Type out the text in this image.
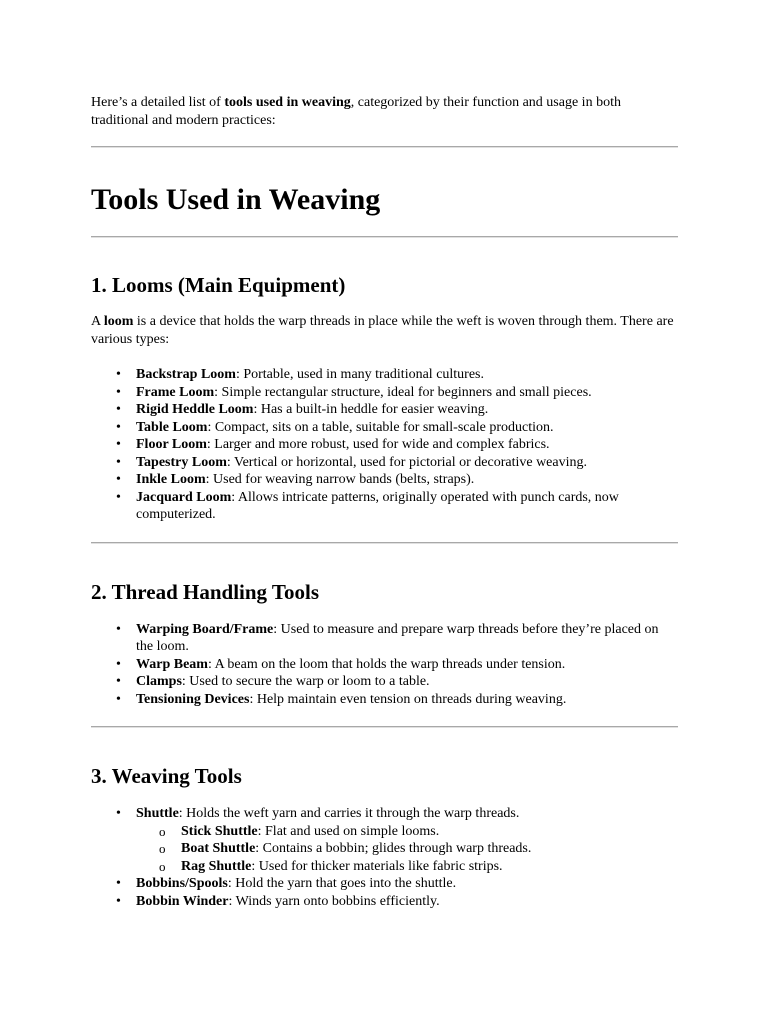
Here’s a detailed list of tools used in weaving, categorized by their function and usage in both traditional and modern practices:

Tools Used in Weaving
1. Looms (Main Equipment)

A loom is a device that holds the warp threads in place while the weft is woven through them. There are various types:

• Backstrap Loom: Portable, used in many traditional cultures.
• Frame Loom: Simple rectangular structure, ideal for beginners and small pieces.
• Rigid Heddle Loom: Has a built-in heddle for easier weaving.
• Table Loom: Compact, sits on a table, suitable for small-scale production.
• Floor Loom: Larger and more robust, used for wide and complex fabrics.
• Tapestry Loom: Vertical or horizontal, used for pictorial or decorative weaving.
• Inkle Loom: Used for weaving narrow bands (belts, straps).
• Jacquard Loom: Allows intricate patterns, originally operated with punch cards, now computerized.
2. Thread Handling Tools
• Warping Board/Frame: Used to measure and prepare warp threads before they’re placed on the loom.
• Warp Beam: A beam on the loom that holds the warp threads under tension.
• Clamps: Used to secure the warp or loom to a table.
• Tensioning Devices: Help maintain even tension on threads during weaving.
3. Weaving Tools
• Shuttle: Holds the weft yarn and carries it through the warp threads.
o Stick Shuttle: Flat and used on simple looms.
o Boat Shuttle: Contains a bobbin; glides through warp threads.
o Rag Shuttle: Used for thicker materials like fabric strips.
• Bobbins/Spools: Hold the yarn that goes into the shuttle.
• Bobbin Winder: Winds yarn onto bobbins efficiently.
